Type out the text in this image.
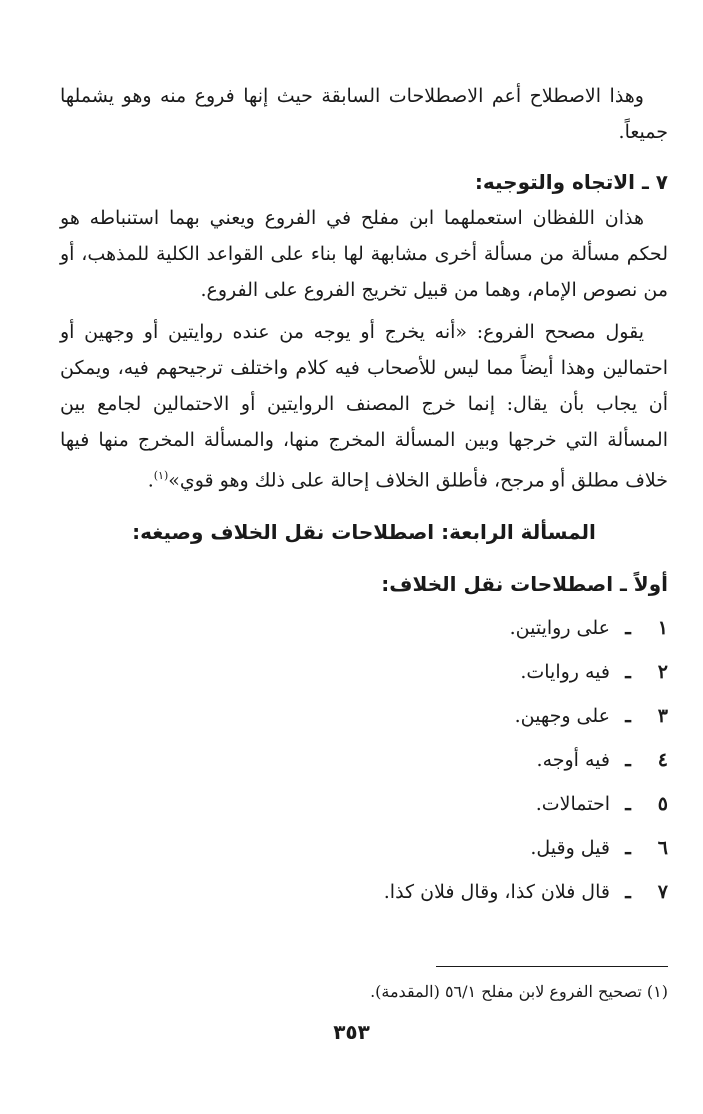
وهذا الاصطلاح أعم الاصطلاحات السابقة حيث إنها فروع منه وهو يشملها جميعاً.

٧ ـ الاتجاه والتوجيه:

هذان اللفظان استعملهما ابن مفلح في الفروع ويعني بهما استنباطه هو لحكم مسألة من مسألة أخرى مشابهة لها بناء على القواعد الكلية للمذهب، أو من نصوص الإمام، وهما من قبيل تخريج الفروع على الفروع.

يقول مصحح الفروع: «أنه يخرج أو يوجه من عنده روايتين أو وجهين أو احتمالين وهذا أيضاً مما ليس للأصحاب فيه كلام واختلف ترجيحهم فيه، ويمكن أن يجاب بأن يقال: إنما خرج المصنف الروايتين أو الاحتمالين لجامع بين المسألة التي خرجها وبين المسألة المخرج منها، والمسألة المخرج منها فيها خلاف مطلق أو مرجح، فأطلق الخلاف إحالة على ذلك وهو قوي»$^{(١)}$.

المسألة الرابعة: اصطلاحات نقل الخلاف وصيغه:

أولاً ـ اصطلاحات نقل الخلاف:

١
ـ
على روايتين.
٢
ـ
فيه روايات.
٣
ـ
على وجهين.
٤
ـ
فيه أوجه.
٥
ـ
احتمالات.
٦
ـ
قيل وقيل.
٧
ـ
قال فلان كذا، وقال فلان كذا.
(١) تصحيح الفروع لابن مفلح ٥٦/١ (المقدمة).
٣٥٣
